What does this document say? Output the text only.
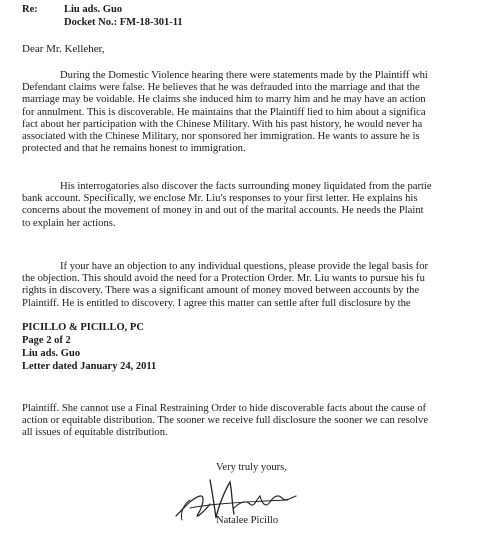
Re:	Liu ads. Guo
Docket No.: FM-18-301-11
Dear Mr. Kelleher,
During the Domestic Violence hearing there were statements made by the Plaintiff whi
Defendant claims were false. He believes that he was defrauded into the marriage and that the
marriage may be voidable. He claims she induced him to marry him and he may have an action
for annulment. This is discoverable. He maintains that the Plaintiff lied to him about a significa
fact about her participation with the Chinese Military. With his past history, he would never ha
associated with the Chinese Military, nor sponsored her immigration. He wants to assure he is
protected and that he remains honest to immigration.
His interrogatories also discover the facts surrounding money liquidated from the partie
bank account. Specifically, we enclose Mr. Liu's responses to your first letter. He explains his
concerns about the movement of money in and out of the marital accounts. He needs the Plaint
to explain her actions.
If your have an objection to any individual questions, please provide the legal basis for
the objection. This should avoid the need for a Protection Order. Mr. Liu wants to pursue his fu
rights in discovery. There was a significant amount of money moved between accounts by the
Plaintiff. He is entitled to discovery. I agree this matter can settle after full disclosure by the
PICILLO & PICILLO, PC
Page 2 of 2
Liu ads. Guo
Letter dated January 24, 2011
Plaintiff. She cannot use a Final Restraining Order to hide discoverable facts about the cause of
action or equitable distribution. The sooner we receive full disclosure the sooner we can resolve
all issues of equitable distribution.
Very truly yours,
Natalee Picillo
